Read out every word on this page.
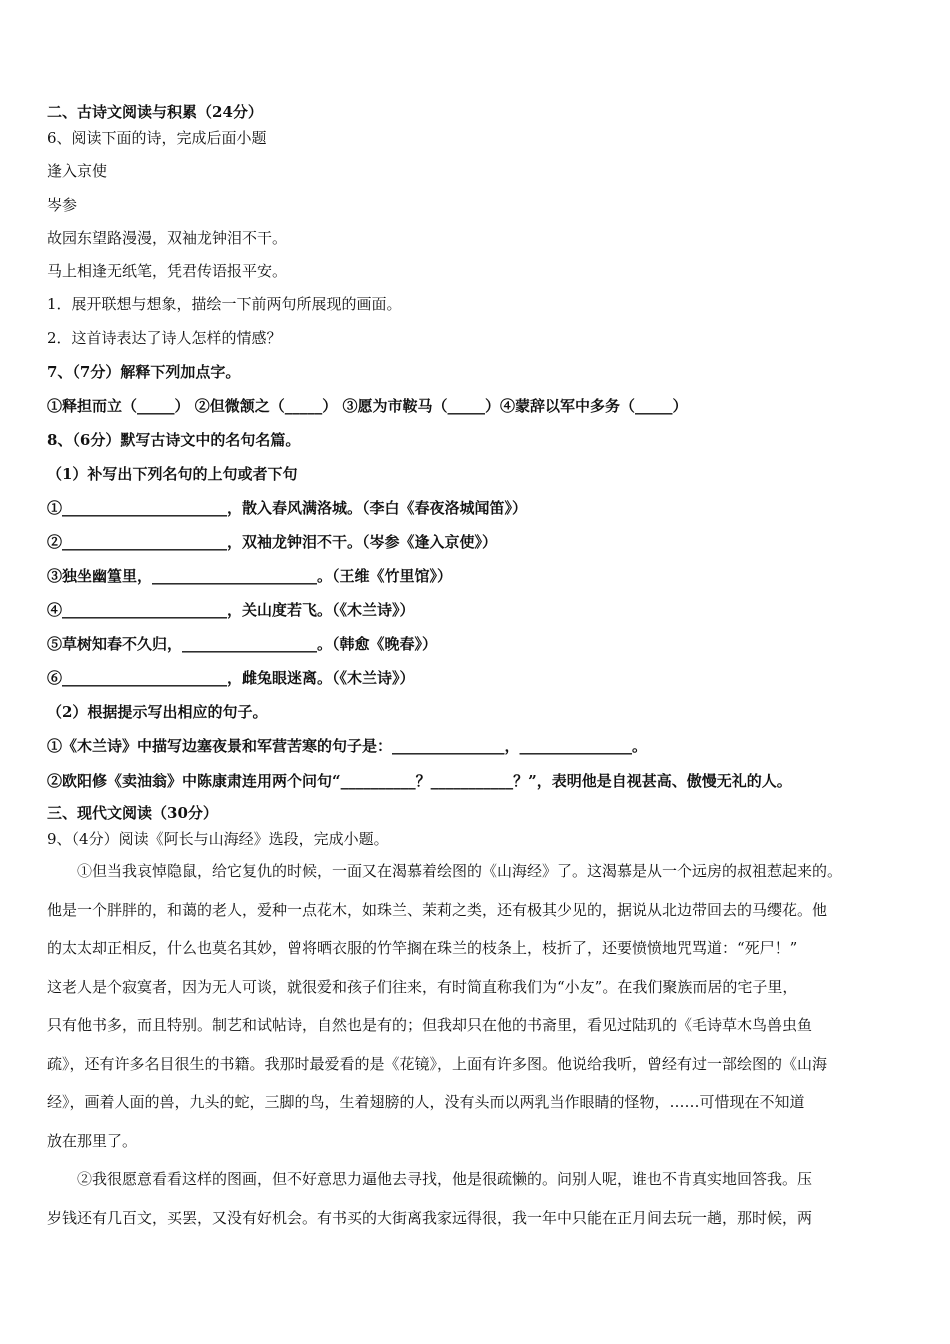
二、古诗文阅读与积累（24分）
6、阅读下面的诗，完成后面小题
逢入京使
岑参
故园东望路漫漫，双袖龙钟泪不干。
马上相逢无纸笔，凭君传语报平安。
1．展开联想与想象，描绘一下前两句所展现的画面。
2．这首诗表达了诗人怎样的情感？
7、（7分）解释下列加点字。
①释担而立（_____） ②但微颔之（_____） ③愿为市鞍马（_____）④蒙辞以军中多务（_____）
8、（6分）默写古诗文中的名句名篇。
（1）补写出下列名句的上句或者下句
①______________________，散入春风满洛城。（李白《春夜洛城闻笛》）
②______________________，双袖龙钟泪不干。（岑参《逢入京使》）
③独坐幽篁里，______________________。（王维《竹里馆》）
④______________________，关山度若飞。（《木兰诗》）
⑤草树知春不久归，__________________。（韩愈《晚春》）
⑥______________________，雌兔眼迷离。（《木兰诗》）
（2）根据提示写出相应的句子。
①《木兰诗》中描写边塞夜景和军营苦寒的句子是：_______________，_______________。
②欧阳修《卖油翁》中陈康肃连用两个问句“__________？___________？”，表明他是自视甚高、傲慢无礼的人。
三、现代文阅读（30分）
9、（4分）阅读《阿长与山海经》选段，完成小题。

①但当我哀悼隐鼠，给它复仇的时候，一面又在渴慕着绘图的《山海经》了。这渴慕是从一个远房的叔祖惹起来的。

他是一个胖胖的，和蔼的老人，爱种一点花木，如珠兰、茉莉之类，还有极其少见的，据说从北边带回去的马缨花。他

的太太却正相反，什么也莫名其妙，曾将晒衣服的竹竿搁在珠兰的枝条上，枝折了，还要愤愤地咒骂道：“死尸！”

这老人是个寂寞者，因为无人可谈，就很爱和孩子们往来，有时简直称我们为“小友”。在我们聚族而居的宅子里，

只有他书多，而且特别。制艺和试帖诗，自然也是有的；但我却只在他的书斋里，看见过陆玑的《毛诗草木鸟兽虫鱼

疏》，还有许多名目很生的书籍。我那时最爱看的是《花镜》，上面有许多图。他说给我听，曾经有过一部绘图的《山海

经》，画着人面的兽，九头的蛇，三脚的鸟，生着翅膀的人，没有头而以两乳当作眼睛的怪物，……可惜现在不知道

放在那里了。

②我很愿意看看这样的图画，但不好意思力逼他去寻找，他是很疏懒的。问别人呢，谁也不肯真实地回答我。压

岁钱还有几百文，买罢，又没有好机会。有书买的大街离我家远得很，我一年中只能在正月间去玩一趟，那时候，两
